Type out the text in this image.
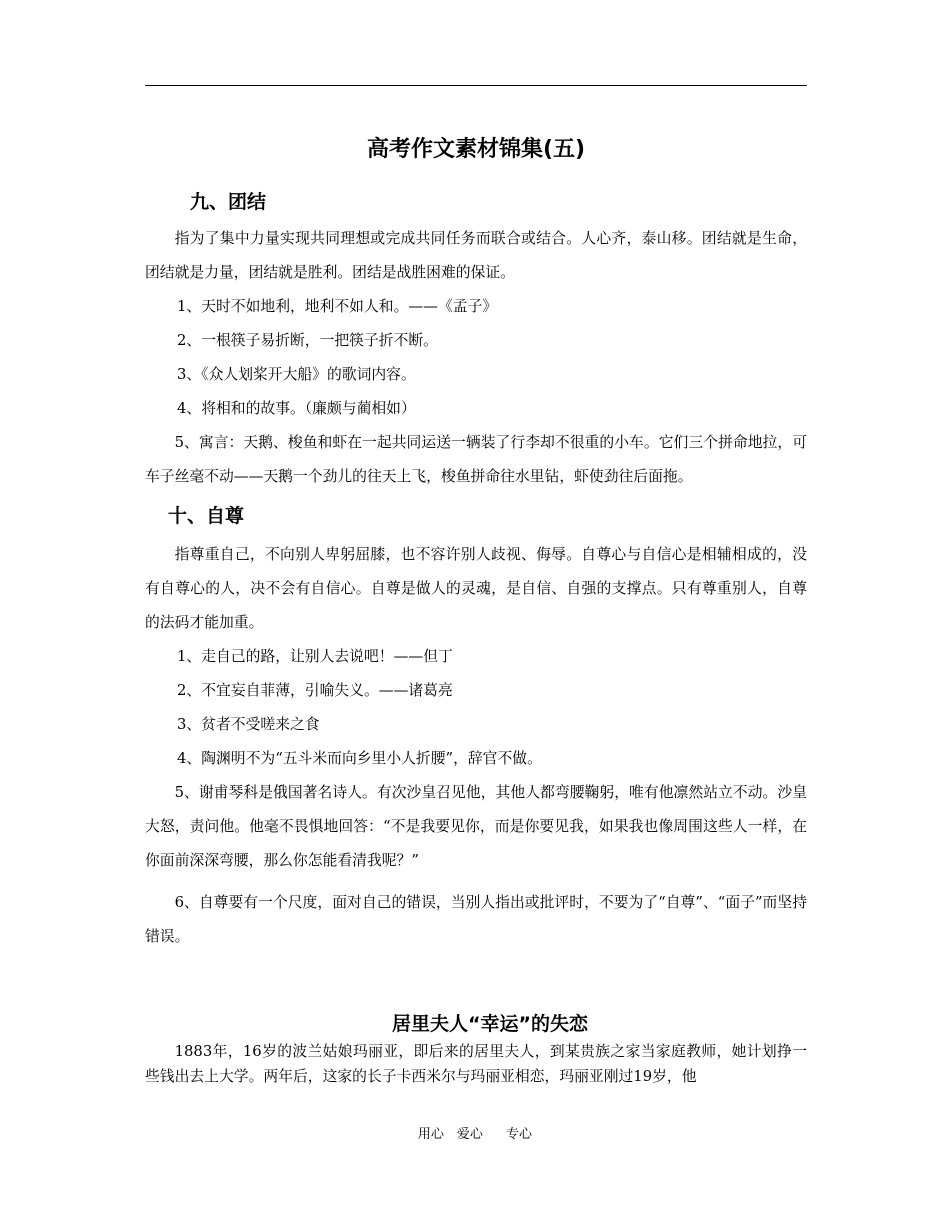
高考作文素材锦集(五)
九、团结

指为了集中力量实现共同理想或完成共同任务而联合或结合。人心齐，泰山移。团结就是生命，团结就是力量，团结就是胜利。团结是战胜困难的保证。

1、天时不如地利，地利不如人和。——《孟子》

2、一根筷子易折断，一把筷子折不断。

3、《众人划桨开大船》的歌词内容。

4、将相和的故事。（廉颇与蔺相如）

5、寓言：天鹅、梭鱼和虾在一起共同运送一辆装了行李却不很重的小车。它们三个拼命地拉，可车子丝毫不动——天鹅一个劲儿的往天上飞，梭鱼拼命往水里钻，虾使劲往后面拖。

十、自尊

指尊重自己，不向别人卑躬屈膝，也不容许别人歧视、侮辱。自尊心与自信心是相辅相成的，没有自尊心的人，决不会有自信心。自尊是做人的灵魂，是自信、自强的支撑点。只有尊重别人，自尊的法码才能加重。

1、走自己的路，让别人去说吧！——但丁

2、不宜妄自菲薄，引喻失义。——诸葛亮

3、贫者不受嗟来之食

4、陶渊明不为“五斗米而向乡里小人折腰”，辞官不做。

5、谢甫琴科是俄国著名诗人。有次沙皇召见他，其他人都弯腰鞠躬，唯有他凛然站立不动。沙皇大怒，责问他。他毫不畏惧地回答：“不是我要见你，而是你要见我，如果我也像周围这些人一样，在你面前深深弯腰，那么你怎能看清我呢？”

6、自尊要有一个尺度，面对自己的错误，当别人指出或批评时，不要为了“自尊”、“面子”而坚持错误。

居里夫人“幸运”的失恋

1883年，16岁的波兰姑娘玛丽亚，即后来的居里夫人，到某贵族之家当家庭教师，她计划挣一些钱出去上大学。两年后，这家的长子卡西米尔与玛丽亚相恋，玛丽亚刚过19岁，他

用心　爱心　 专心
